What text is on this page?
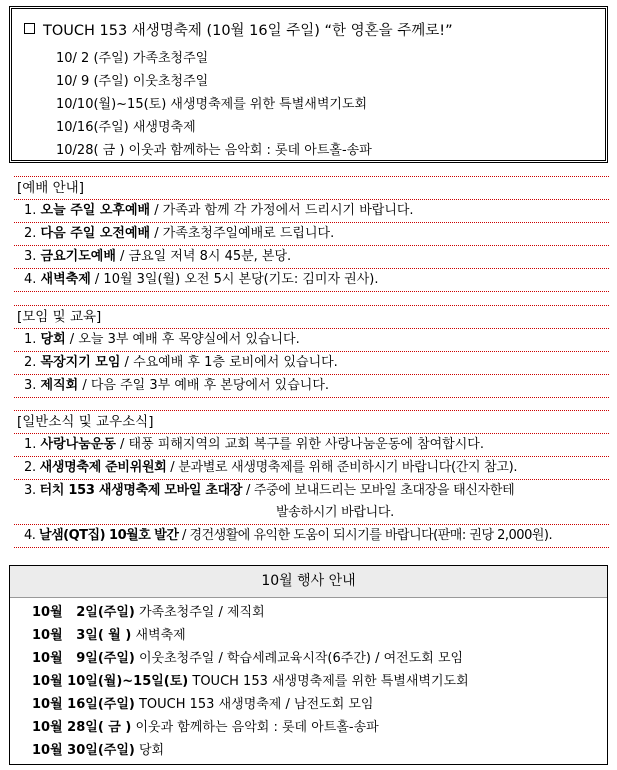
TOUCH 153 새생명축제 (10월 16일 주일) “한 영혼을 주께로!”
10/ 2 (주일) 가족초청주일
10/ 9 (주일) 이웃초청주일
10/10(월)~15(토) 새생명축제를 위한 특별새벽기도회
10/16(주일) 새생명축제
10/28( 금 ) 이웃과 함께하는 음악회 : 롯데 아트홀-송파
[예배 안내]
1. 오늘 주일 오후예배 / 가족과 함께 각 가정에서 드리시기 바랍니다.
2. 다음 주일 오전예배 / 가족초청주일예배로 드립니다.
3. 금요기도예배 / 금요일 저녁 8시 45분, 본당.
4. 새벽축제 / 10월 3일(월) 오전 5시 본당(기도: 김미자 권사).
[모임 및 교육]
1. 당회 / 오늘 3부 예배 후 목양실에서 있습니다.
2. 목장지기 모임 / 수요예배 후 1층 로비에서 있습니다.
3. 제직회 / 다음 주일 3부 예배 후 본당에서 있습니다.
[일반소식 및 교우소식]
1. 사랑나눔운동 / 태풍 피해지역의 교회 복구를 위한 사랑나눔운동에 참여합시다.
2. 새생명축제 준비위원회 / 분과별로 새생명축제를 위해 준비하시기 바랍니다(간지 참고).
3. 터치 153 새생명축제 모바일 초대장 / 주중에 보내드리는 모바일 초대장을 태신자한테
발송하시기 바랍니다.
4. 날샘(QT집) 10월호 발간 / 경건생활에 유익한 도움이 되시기를 바랍니다(판매: 권당 2,000원).
10월 행사 안내
10월   2일(주일) 가족초청주일 / 제직회
10월   3일( 월 ) 새벽축제
10월   9일(주일) 이웃초청주일 / 학습세례교육시작(6주간) / 여전도회 모임
10월 10일(월)~15일(토) TOUCH 153 새생명축제를 위한 특별새벽기도회
10월 16일(주일) TOUCH 153 새생명축제 / 남전도회 모임
10월 28일( 금 ) 이웃과 함께하는 음악회 : 롯데 아트홀-송파
10월 30일(주일) 당회
